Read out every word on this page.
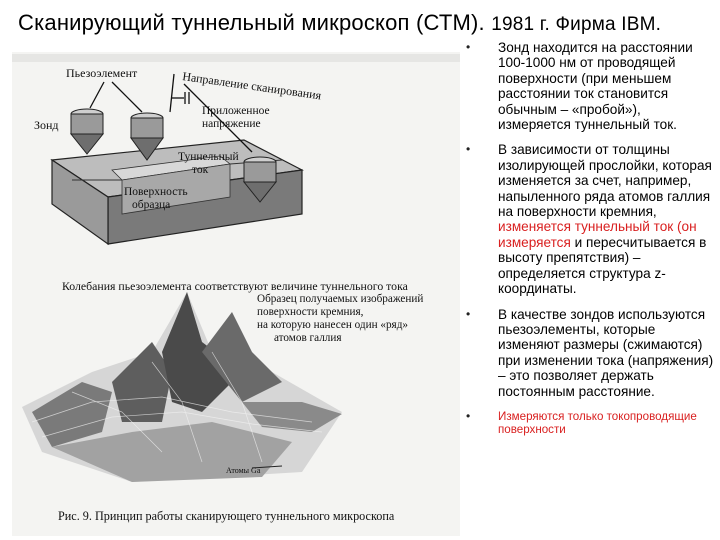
Сканирующий туннельный микроскоп (СТМ). 1981 г. Фирма IBM.
Пьезоэлемент	Направление сканирования
Зонд
Приложенное
напряжение
Туннельный
ток
Поверхность
образца
Колебания пьезоэлемента соответствуют величине туннельного тока
Образец получаемых изображений
поверхности кремния,
на которую нанесен один «ряд»
атомов галлия
Атомы Ga
Рис. 9. Принцип работы сканирующего туннельного микроскопа
• Зонд находится на расстоянии 100-1000 нм от проводящей поверхности (при меньшем расстоянии ток становится обычным – «пробой»), измеряется туннельный ток.
• В зависимости от толщины изолирующей прослойки, которая изменяется за счет, например, напыленного ряда атомов галлия на поверхности кремния, изменяется туннельный ток (он измеряется и пересчитывается в высоту препятствия) – определяется структура z-координаты.
• В качестве зондов используются пьезоэлементы, которые изменяют размеры (сжимаются) при изменении тока (напряжения) – это позволяет держать постоянным расстояние.
• Измеряются только токопроводящие поверхности
